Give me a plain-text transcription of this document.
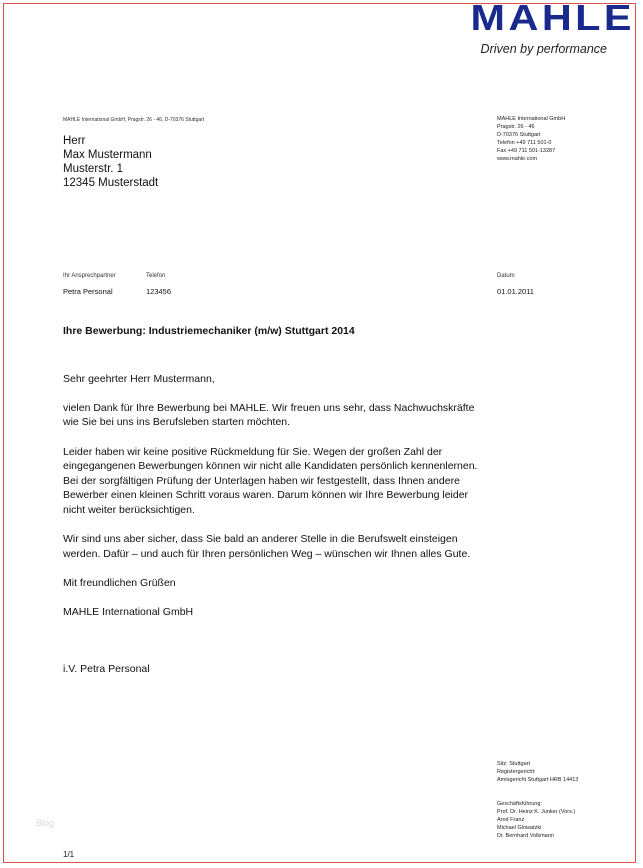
MAHLE
Driven by performance
MAHLE International GmbH, Pragstr. 26 - 46, D-70376 Stuttgart
Herr
Max Mustermann
Musterstr. 1
12345 Musterstadt
MAHLE International GmbH
Pragstr. 26 - 46
D-70376 Stuttgart
Telefon +49 711 501-0
Fax +49 711 501-13287
www.mahle.com
Ihr Ansprechpartner
Petra Personal
Telefon
123456
Datum
01.01.2011
Ihre Bewerbung: Industriemechaniker (m/w) Stuttgart 2014

Sehr geehrter Herr Mustermann,

vielen Dank für Ihre Bewerbung bei MAHLE. Wir freuen uns sehr, dass Nachwuchskräfte wie Sie bei uns ins Berufsleben starten möchten.

Leider haben wir keine positive Rückmeldung für Sie. Wegen der großen Zahl der eingegangenen Bewerbungen können wir nicht alle Kandidaten persönlich kennenlernen. Bei der sorgfältigen Prüfung der Unterlagen haben wir festgestellt, dass Ihnen andere Bewerber einen kleinen Schritt voraus waren. Darum können wir Ihre Bewerbung leider nicht weiter berücksichtigen.

Wir sind uns aber sicher, dass Sie bald an anderer Stelle in die Berufswelt einsteigen werden. Dafür – und auch für Ihren persönlichen Weg – wünschen wir Ihnen alles Gute.

Mit freundlichen Grüßen

MAHLE International GmbH

i.V. Petra Personal

Sitz: Stuttgart
Registergericht:
Amtsgericht Stuttgart HRB 14413
Geschäftsführung:
Prof. Dr. Heinz K. Junker (Vors.)
Arnd Franz
Michael Glowatzki
Dr. Bernhard Volkmann
Blog
1/1
